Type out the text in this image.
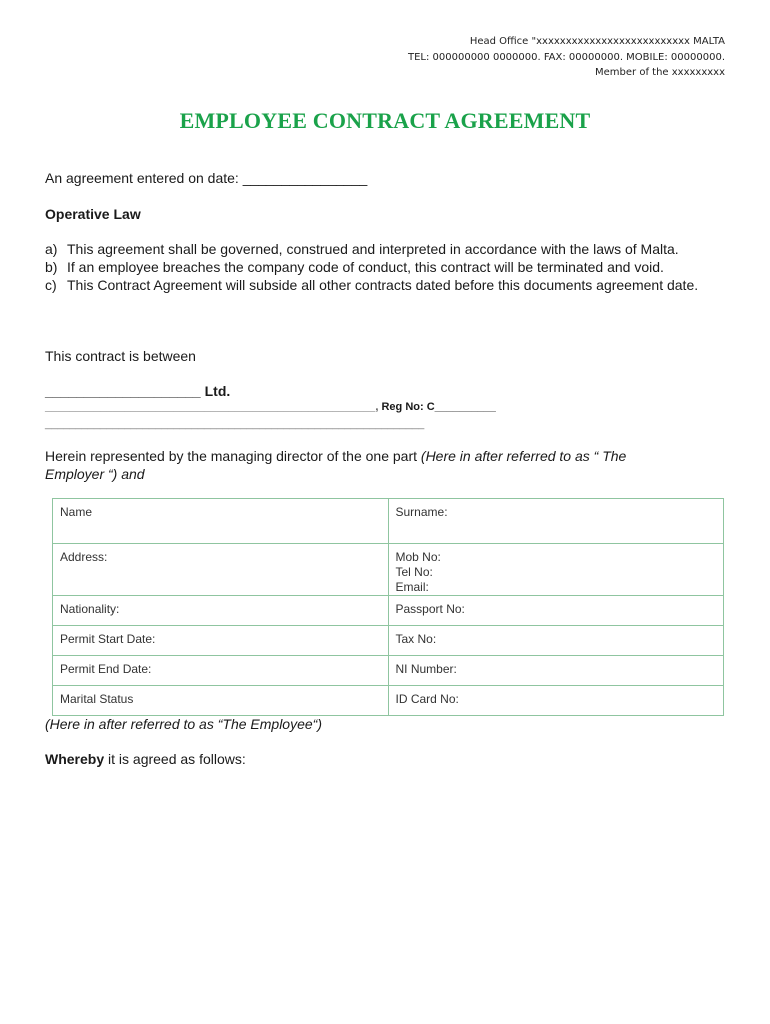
Head Office "xxxxxxxxxxxxxxxxxxxxxxxxxx MALTA
TEL: 000000000 0000000. FAX: 00000000. MOBILE: 00000000.
Member of the xxxxxxxxx
EMPLOYEE CONTRACT AGREEMENT
An agreement entered on date: ________________
Operative Law
a) This agreement shall be governed, construed and interpreted in accordance with the laws of Malta.
b) If an employee breaches the company code of conduct, this contract will be terminated and void.
c) This Contract Agreement will subside all other contracts dated before this documents agreement date.
This contract is between
____________________ Ltd.
______________________________________________________, Reg No: C__________
______________________________________________________________
Herein represented by the managing director of the one part (Here in after referred to as “ The Employer “) and
Name	Surname:
Address:	Mob No:
Tel No:
Email:

Nationality:	Passport No:
Permit Start Date:	Tax No:
Permit End Date:	NI Number:
Marital Status	ID Card No:
(Here in after referred to as “The Employee“)
Whereby it is agreed as follows:
